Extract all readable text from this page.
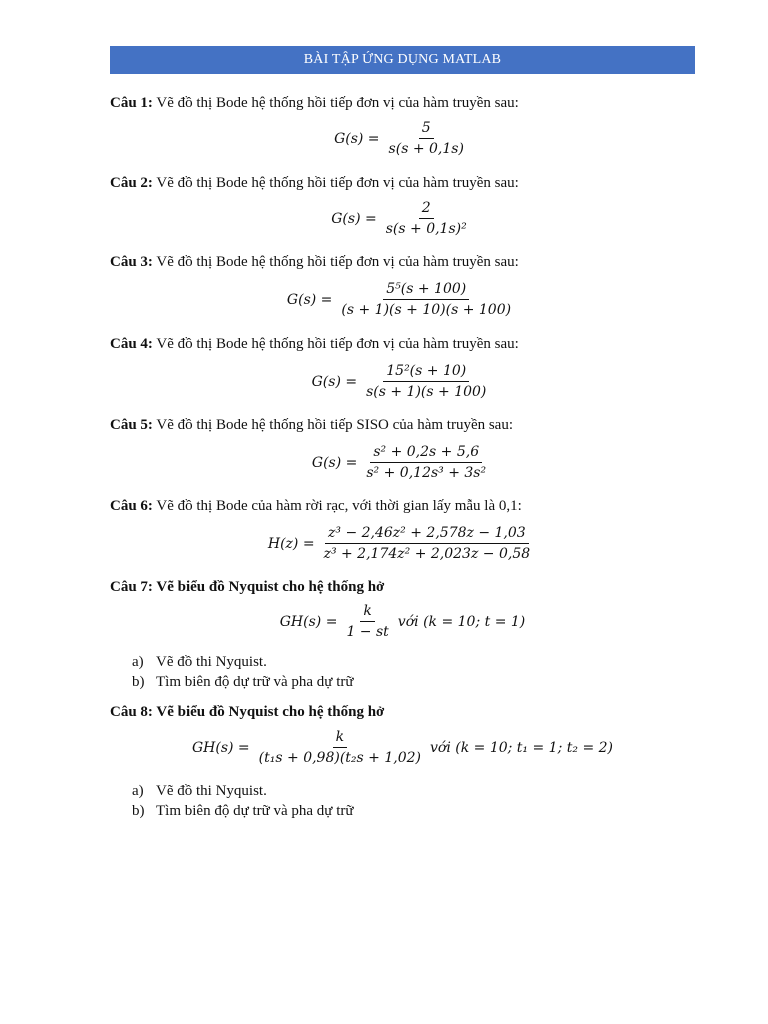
BÀI TẬP ỨNG DỤNG MATLAB
Câu 1: Vẽ đồ thị Bode hệ thống hồi tiếp đơn vị của hàm truyền sau:
$G(s) = \frac{5}{s(s + 0,1s)}$
Câu 2: Vẽ đồ thị Bode hệ thống hồi tiếp đơn vị của hàm truyền sau:
$G(s) = \frac{2}{\text{s(s + 0,1s)²}}$
Câu 3: Vẽ đồ thị Bode hệ thống hồi tiếp đơn vị của hàm truyền sau:
$G(s) = \frac{\text{5⁵(s + 100)}}{(s + 1)(s + 10)(s + 100)}$
Câu 4: Vẽ đồ thị Bode hệ thống hồi tiếp đơn vị của hàm truyền sau:
$G(s) = \frac{\text{15²(s + 10)}}{s(s + 1)(s + 100)}$
Câu 5: Vẽ đồ thị Bode hệ thống hồi tiếp SISO của hàm truyền sau:
$G(s) = \frac{\text{s² + 0,2s + 5,6}}{\text{s² + 0,12s³ + 3s²}}$
Câu 6: Vẽ đồ thị Bode của hàm rời rạc, với thời gian lấy mẫu là 0,1:
$H(z) = \frac{\text{z³ − 2,46z² + 2,578z − 1,03}}{\text{z³ + 2,174z² + 2,023z − 0,58}}$
Câu 7: Vẽ biểu đồ Nyquist cho hệ thống hở
$GH(s) = \frac{k}{1 - st}$ với (k = 10; t = 1)
a) Vẽ đồ thi Nyquist.
b) Tìm biên độ dự trữ và pha dự trữ
Câu 8: Vẽ biểu đồ Nyquist cho hệ thống hở
$GH(s) = \frac{k}{\text{(t₁s + 0,98)(t₂s + 1,02)}}$ với (k = 10; t₁ = 1; t₂ = 2)
a) Vẽ đồ thi Nyquist.
b) Tìm biên độ dự trữ và pha dự trữ
